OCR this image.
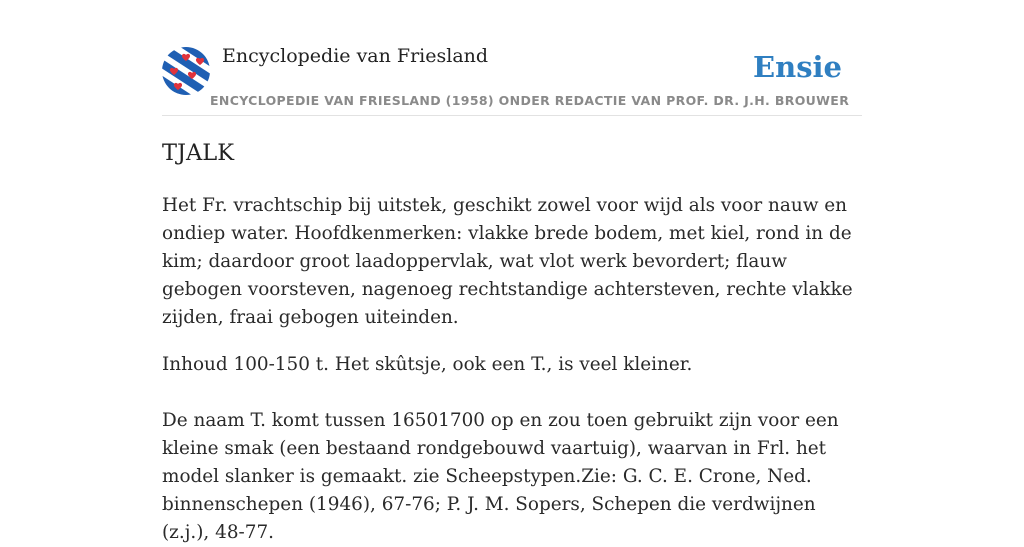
Encyclopedie van Friesland	Ensie
ENCYCLOPEDIE VAN FRIESLAND (1958) ONDER REDACTIE VAN PROF. DR. J.H. BROUWER
TJALK

Het Fr. vrachtschip bij uitstek, geschikt zowel voor wijd als voor nauw en ondiep water. Hoofdkenmerken: vlakke brede bodem, met kiel, rond in de kim; daardoor groot laadoppervlak, wat vlot werk bevordert; flauw gebogen voorsteven, nagenoeg rechtstandige achtersteven, rechte vlakke zijden, fraai gebogen uiteinden.

Inhoud 100-150 t. Het skûtsje, ook een T., is veel kleiner.

De naam T. komt tussen 16501700 op en zou toen gebruikt zijn voor een kleine smak (een bestaand rondgebouwd vaartuig), waarvan in Frl. het model slanker is gemaakt. zie Scheepstypen.Zie: G. C. E. Crone, Ned. binnenschepen (1946), 67-76; P. J. M. Sopers, Schepen die verdwijnen (z.j.), 48-77.
